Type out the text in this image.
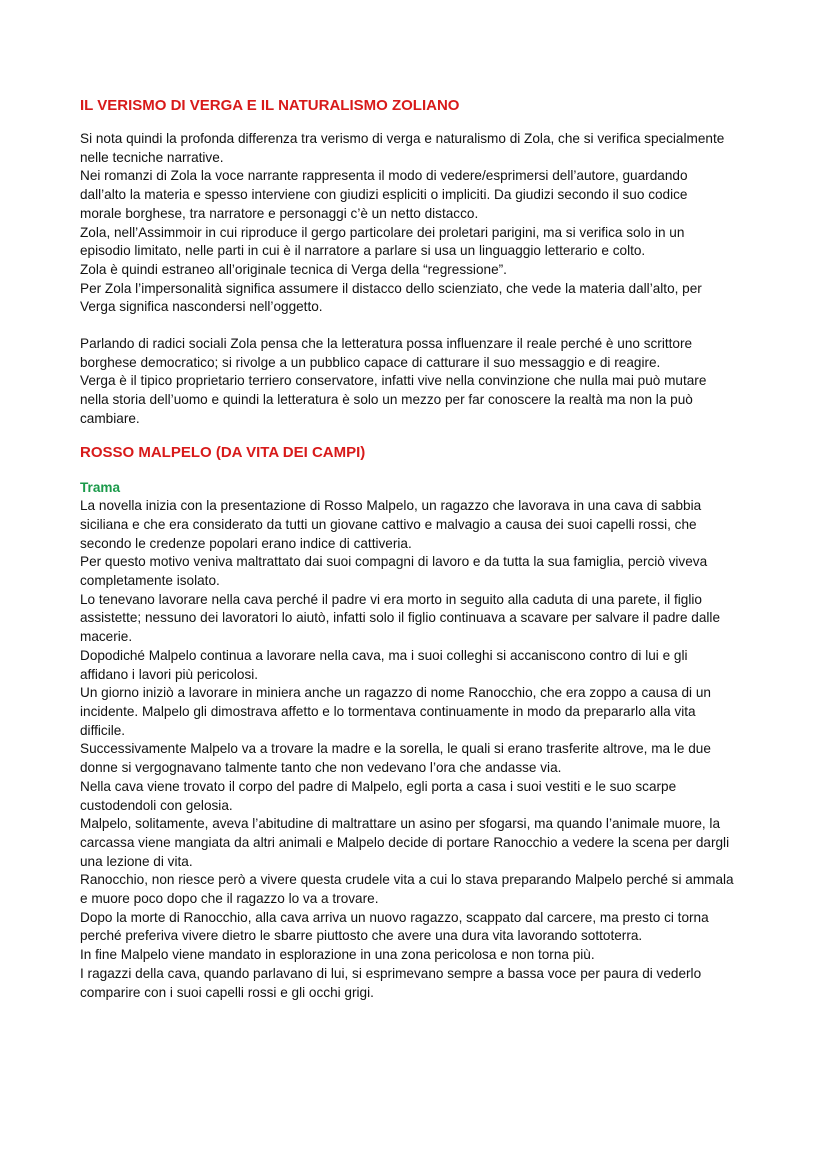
IL VERISMO DI VERGA E IL NATURALISMO ZOLIANO

Si nota quindi la profonda differenza tra verismo di verga e naturalismo di Zola, che si verifica specialmente

nelle tecniche narrative.

Nei romanzi di Zola la voce narrante rappresenta il modo di vedere/esprimersi dell’autore, guardando

dall’alto la materia e spesso interviene con giudizi espliciti o impliciti. Da giudizi secondo il suo codice

morale borghese, tra narratore e personaggi c’è un netto distacco.

Zola, nell’Assimmoir in cui riproduce il gergo particolare dei proletari parigini, ma si verifica solo in un

episodio limitato, nelle parti in cui è il narratore a parlare si usa un linguaggio letterario e colto.

Zola è quindi estraneo all’originale tecnica di Verga della “regressione”.

Per Zola l’impersonalità significa assumere il distacco dello scienziato, che vede la materia dall’alto, per

Verga significa nascondersi nell’oggetto.

Parlando di radici sociali Zola pensa che la letteratura possa influenzare il reale perché è uno scrittore

borghese democratico; si rivolge a un pubblico capace di catturare il suo messaggio e di reagire.

Verga è il tipico proprietario terriero conservatore, infatti vive nella convinzione che nulla mai può mutare

nella storia dell’uomo e quindi la letteratura è solo un mezzo per far conoscere la realtà ma non la può

cambiare.

ROSSO MALPELO (DA VITA DEI CAMPI)
Trama

La novella inizia con la presentazione di Rosso Malpelo, un ragazzo che lavorava in una cava di sabbia

siciliana e che era considerato da tutti un giovane cattivo e malvagio a causa dei suoi capelli rossi, che

secondo le credenze popolari erano indice di cattiveria.

Per questo motivo veniva maltrattato dai suoi compagni di lavoro e da tutta la sua famiglia, perciò viveva

completamente isolato.

Lo tenevano lavorare nella cava perché il padre vi era morto in seguito alla caduta di una parete, il figlio

assistette; nessuno dei lavoratori lo aiutò, infatti solo il figlio continuava a scavare per salvare il padre dalle

macerie.

Dopodiché Malpelo continua a lavorare nella cava, ma i suoi colleghi si accaniscono contro di lui e gli

affidano i lavori più pericolosi.

Un giorno iniziò a lavorare in miniera anche un ragazzo di nome Ranocchio, che era zoppo a causa di un

incidente. Malpelo gli dimostrava affetto e lo tormentava continuamente in modo da prepararlo alla vita

difficile.

Successivamente Malpelo va a trovare la madre e la sorella, le quali si erano trasferite altrove, ma le due

donne si vergognavano talmente tanto che non vedevano l’ora che andasse via.

Nella cava viene trovato il corpo del padre di Malpelo, egli porta a casa i suoi vestiti e le suo scarpe

custodendoli con gelosia.

Malpelo, solitamente, aveva l’abitudine di maltrattare un asino per sfogarsi, ma quando l’animale muore, la

carcassa viene mangiata da altri animali e Malpelo decide di portare Ranocchio a vedere la scena per dargli

una lezione di vita.

Ranocchio, non riesce però a vivere questa crudele vita a cui lo stava preparando Malpelo perché si ammala

e muore poco dopo che il ragazzo lo va a trovare.

Dopo la morte di Ranocchio, alla cava arriva un nuovo ragazzo, scappato dal carcere, ma presto ci torna

perché preferiva vivere dietro le sbarre piuttosto che avere una dura vita lavorando sottoterra.

In fine Malpelo viene mandato in esplorazione in una zona pericolosa e non torna più.

I ragazzi della cava, quando parlavano di lui, si esprimevano sempre a bassa voce per paura di vederlo

comparire con i suoi capelli rossi e gli occhi grigi.
